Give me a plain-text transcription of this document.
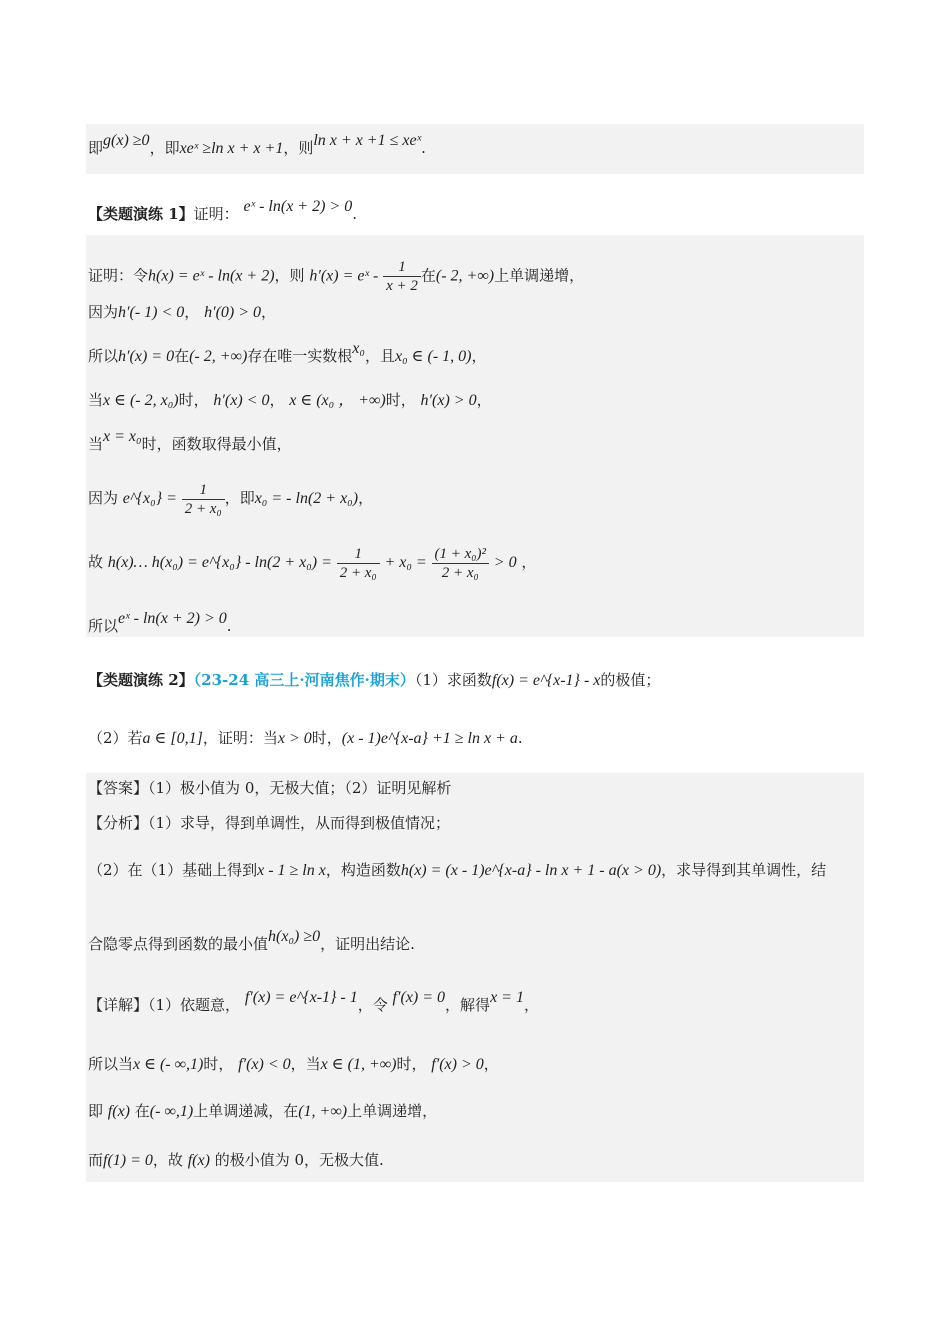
即g(x) ≥0，即xeˣ ≥ln x + x +1，则ln x + x +1 ≤ xeˣ.
【类题演练 1】证明： eˣ - ln(x + 2) > 0.
证明：令h(x) = eˣ - ln(x + 2)，则 h′(x) = eˣ - $\frac{1}{x + 2}$ 在(- 2, +∞)上单调递增，
因为h′(- 1) < 0， h′(0) > 0，
所以h′(x) = 0在(- 2, +∞)存在唯一实数根x₀，且x₀ ∈ (- 1, 0)，
当x ∈ (- 2, x₀)时， h′(x) < 0， x ∈ (x₀ ， +∞)时， h′(x) > 0，
当x = x₀时，函数取得最小值，
因为 e^{x₀} = $\frac{1}{\text{2 + x₀}}$ ，即x₀ = - ln(2 + x₀)，
故 h(x)… h(x₀) = e^{x₀} - $\ln(2 + x_0) = \frac{1}{\text{2 + x₀}} + x_0 = \frac{\text{(1 + x₀)²}}{\text{2 + x₀}} > 0$ ，
所以eˣ - ln(x + 2) > 0.
【类题演练 2】（23-24 高三上·河南焦作·期末）（1）求函数f(x) = e^{x-1} - x的极值；
（2）若a ∈ [0,1]，证明：当x > 0时，(x - 1)e^{x-a} +1 ≥ ln x + a.
【答案】（1）极小值为 0，无极大值；（2）证明见解析
【分析】（1）求导，得到单调性，从而得到极值情况；
（2）在（1）基础上得到x - 1 ≥ ln x，构造函数h(x) = (x - 1)e^{x-a} - ln x + 1 - a(x > 0)，求导得到其单调性，结
合隐零点得到函数的最小值h(x₀) ≥0，证明出结论.
【详解】（1）依题意， f′(x) = e^{x-1} - 1，令 f′(x) = 0，解得x = 1，
所以当x ∈ (- ∞,1)时， f′(x) < 0，当x ∈ (1, +∞)时， f′(x) > 0，
即 f(x) 在(- ∞,1)上单调递减，在(1, +∞)上单调递增，
而f(1) = 0，故 f(x) 的极小值为 0，无极大值.
